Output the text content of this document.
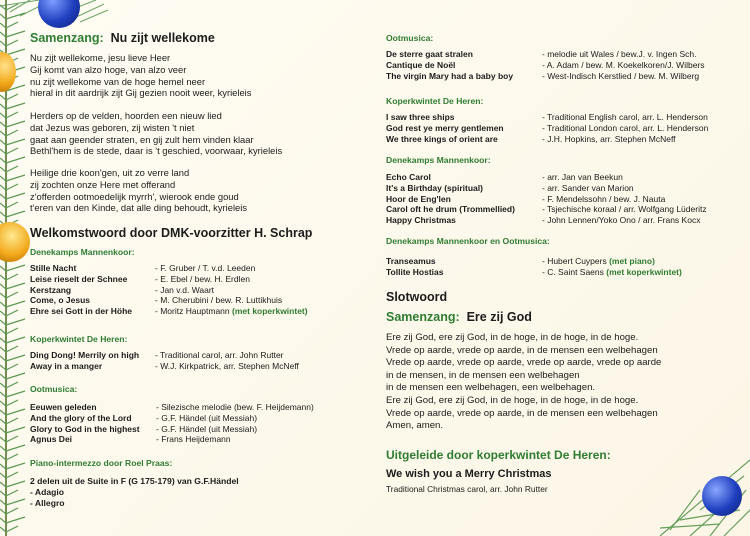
Samenzang: Nu zijt wellekome
Nu zijt wellekome, jesu lieve Heer
Gij komt van alzo hoge, van alzo veer
nu zijt wellekome van de hoge hemel neer
hieral in dit aardrijk zijt Gij gezien nooit weer, kyrieleis
Herders op de velden, hoorden een nieuw lied
dat Jezus was geboren, zij wisten 't niet
gaat aan geender straten, en gij zult hem vinden klaar
Bethl'hem is de stede, daar is 't geschied, voorwaar, kyrieleis
Heilige drie koon'gen, uit zo verre land
zij zochten onze Here met offerand
z'offerden ootmoedelijk myrrh', wierook ende goud
t'eren van den Kinde, dat alle ding behoudt, kyrieleis
Welkomstwoord door DMK-voorzitter H. Schrap
Denekamps Mannenkoor:
Stille Nacht	- F. Gruber / T. v.d. Leeden
Leise rieselt der Schnee	- E. Ebel / bew. H. Erdlen
Kerstzang	- Jan v.d. Waart
Come, o Jesus	- M. Cherubini / bew. R. Luttikhuis
Ehre sei Gott in der Höhe	- Moritz Hauptmann (met koperkwintet)
Koperkwintet De Heren:
Ding Dong! Merrily on high	- Traditional carol, arr. John Rutter
Away in a manger	- W.J. Kirkpatrick, arr. Stephen McNeff
Ootmusica:
Eeuwen geleden	- Silezische melodie (bew. F. Heijdemann)
And the glory of the Lord	- G.F. Händel (uit Messiah)
Glory to God in the highest	- G.F. Händel (uit Messiah)
Agnus Dei	- Frans Heijdemann
Piano-intermezzo door Roel Praas:
2 delen uit de Suite in F (G 175-179) van G.F.Händel
- Adagio
- Allegro
Ootmusica:
De sterre gaat stralen	- melodie uit Wales / bew.J. v. Ingen Sch.
Cantique de Noël	- A. Adam / bew. M. Koekelkoren/J. Wilbers
The virgin Mary had a baby boy	- West-Indisch Kerstlied / bew. M. Wilberg
Koperkwintet De Heren:
I saw three ships	- Traditional English carol, arr. L. Henderson
God rest ye merry gentlemen	- Traditional London carol, arr. L. Henderson
We three kings of orient are	- J.H. Hopkins, arr. Stephen McNeff
Denekamps Mannenkoor:
Echo Carol	- arr. Jan van Beekun
It's a Birthday (spiritual)	- arr. Sander van Marion
Hoor de Eng'len	- F. Mendelssohn / bew. J. Nauta
Carol oft he drum (Trommellied)	- Tsjechische koraal / arr. Wolfgang Lüderitz
Happy Christmas	- John Lennen/Yoko Ono / arr. Frans Kocx
Denekamps Mannenkoor en Ootmusica:
Transeamus	- Hubert Cuypers (met piano)
Tollite Hostias	- C. Saint Saens (met koperkwintet)
Slotwoord
Samenzang: Ere zij God
Ere zij God, ere zij God, in de hoge, in de hoge, in de hoge.
Vrede op aarde, vrede op aarde, in de mensen een welbehagen
Vrede op aarde, vrede op aarde, vrede op aarde, vrede op aarde
in de mensen, in de mensen een welbehagen
in de mensen een welbehagen, een welbehagen.
Ere zij God, ere zij God, in de hoge, in de hoge, in de hoge.
Vrede op aarde, vrede op aarde, in de mensen een welbehagen
Amen, amen.
Uitgeleide door koperkwintet De Heren:
We wish you a Merry Christmas
Traditional Christmas carol, arr. John Rutter
